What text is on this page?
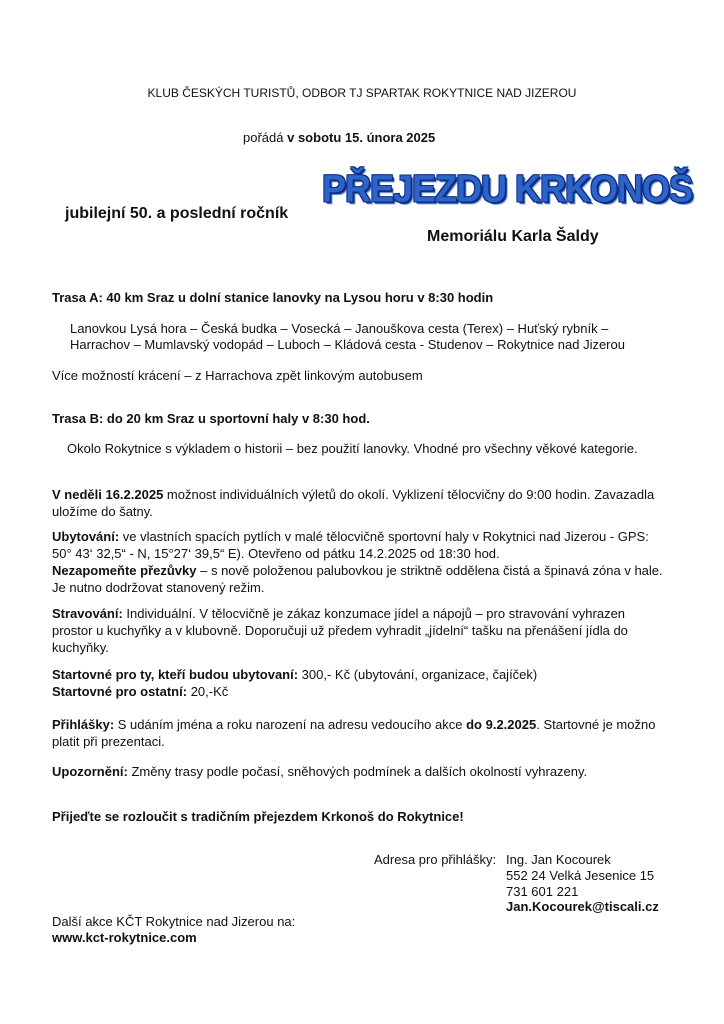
KLUB ČESKÝCH TURISTŮ, ODBOR TJ SPARTAK ROKYTNICE NAD JIZEROU
pořádá v sobotu 15. února 2025
PŘEJEZDU KRKONOŠ
jubilejní 50. a poslední ročník
Memoriálu Karla Šaldy
Trasa A: 40 km Sraz u dolní stanice lanovky na Lysou horu v 8:30 hodin
Lanovkou Lysá hora – Česká budka – Vosecká – Janouškova cesta (Terex) – Huťský rybník –
Harrachov – Mumlavský vodopád – Luboch – Kládová cesta - Studenov – Rokytnice nad Jizerou
Více možností krácení – z Harrachova zpět linkovým autobusem
Trasa B: do 20 km Sraz u sportovní haly v 8:30 hod.
Okolo Rokytnice s výkladem o historii – bez použití lanovky. Vhodné pro všechny věkové kategorie.
V neděli 16.2.2025 možnost individuálních výletů do okolí. Vyklizení tělocvičny do 9:00 hodin. Zavazadla
uložíme do šatny.
Ubytování: ve vlastních spacích pytlích v malé tělocvičně sportovní haly v Rokytnici nad Jizerou - GPS:
50° 43‘ 32,5“ - N, 15°27‘ 39,5“ E). Otevřeno od pátku 14.2.2025 od 18:30 hod.
Nezapomeňte přezůvky – s nově položenou palubovkou je striktně oddělena čistá a špinavá zóna v hale.
Je nutno dodržovat stanovený režim.
Stravování: Individuální. V tělocvičně je zákaz konzumace jídel a nápojů – pro stravování vyhrazen
prostor u kuchyňky a v klubovně. Doporučuji už předem vyhradit „jídelní“ tašku na přenášení jídla do
kuchyňky.
Startovné pro ty, kteří budou ubytovaní: 300,- Kč (ubytování, organizace, čajíček)
Startovné pro ostatní: 20,-Kč
Přihlášky: S udáním jména a roku narození na adresu vedoucího akce do 9.2.2025. Startovné je možno
platit při prezentaci.
Upozornění: Změny trasy podle počasí, sněhových podmínek a dalších okolností vyhrazeny.
Přijeďte se rozloučit s tradičním přejezdem Krkonoš do Rokytnice!
Adresa pro přihlášky: Ing. Jan Kocourek
552 24 Velká Jesenice 15
731 601 221
Jan.Kocourek@tiscali.cz
Další akce KČT Rokytnice nad Jizerou na:
www.kct-rokytnice.com
